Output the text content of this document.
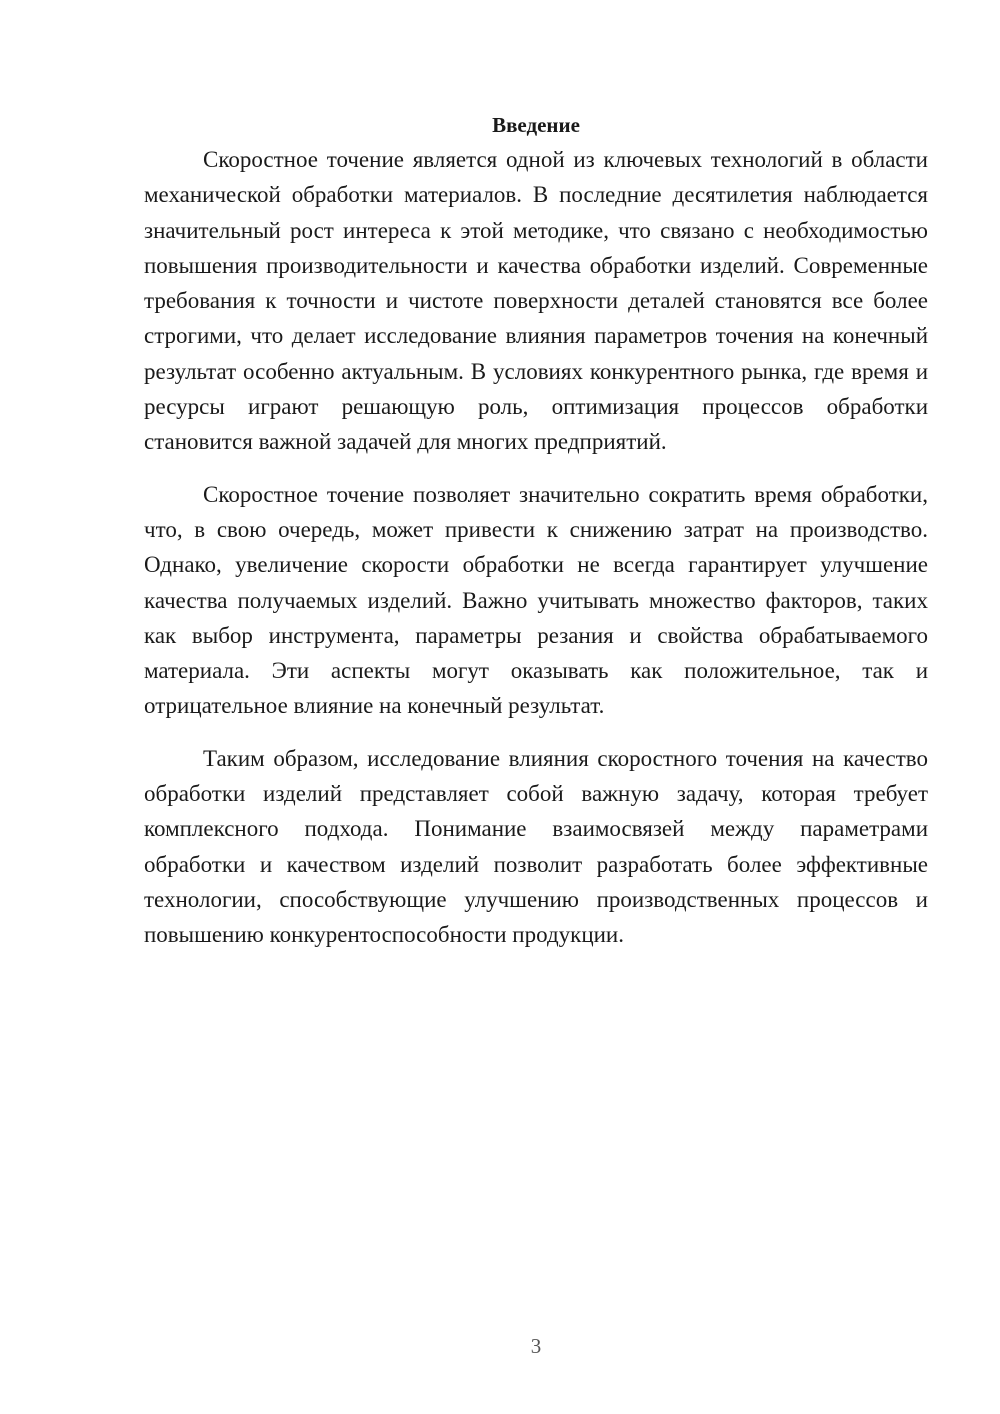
Введение

Скоростное точение является одной из ключевых технологий в области механической обработки материалов. В последние десятилетия наблюдается значительный рост интереса к этой методике, что связано с необходимостью повышения производительности и качества обработки изделий. Современные требования к точности и чистоте поверхности деталей становятся все более строгими, что делает исследование влияния параметров точения на конечный результат особенно актуальным. В условиях конкурентного рынка, где время и ресурсы играют решающую роль, оптимизация процессов обработки становится важной задачей для многих предприятий.

Скоростное точение позволяет значительно сократить время обработки, что, в свою очередь, может привести к снижению затрат на производство. Однако, увеличение скорости обработки не всегда гарантирует улучшение качества получаемых изделий. Важно учитывать множество факторов, таких как выбор инструмента, параметры резания и свойства обрабатываемого материала. Эти аспекты могут оказывать как положительное, так и отрицательное влияние на конечный результат.

Таким образом, исследование влияния скоростного точения на качество обработки изделий представляет собой важную задачу, которая требует комплексного подхода. Понимание взаимосвязей между параметрами обработки и качеством изделий позволит разработать более эффективные технологии, способствующие улучшению производственных процессов и повышению конкурентоспособности продукции.

3
